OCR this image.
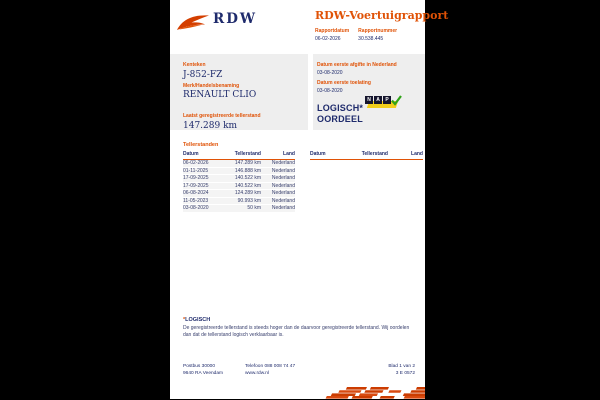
RDW	RDW-Voertuigrapport
Rapportdatum
06-02-2026
Rapportnummer
30.538.445
Kenteken
J-852-FZ
Merk/Handelsbenaming
RENAULT CLIO
Laatst geregistreerde tellerstand
147.289 km
Datum eerste afgifte in Nederland
03-08-2020
Datum eerste toelating
03-08-2020
LOGISCH*
OORDEEL
N	A	P
Tellerstanden
Datum	Tellerstand	Land
06-02-2026	147.289 km	Nederland
01-11-2025	146.888 km	Nederland
17-09-2025	140.522 km	Nederland
17-09-2025	140.522 km	Nederland
06-08-2024	124.289 km	Nederland
11-05-2023	90.993 km	Nederland
03-08-2020	50 km	Nederland
Datum	Tellerstand	Land
*LOGISCH
De geregistreerde tellerstand is steeds hoger dan de daarvoor geregistreerde tellerstand. Wij oordelen dan dat de tellerstand logisch verklaarbaar is.
Postbus 30000
9640 RA Veendam
Telefoon 088 008 74 47
www.rdw.nl
Blad 1 van 2
3 E 0572
